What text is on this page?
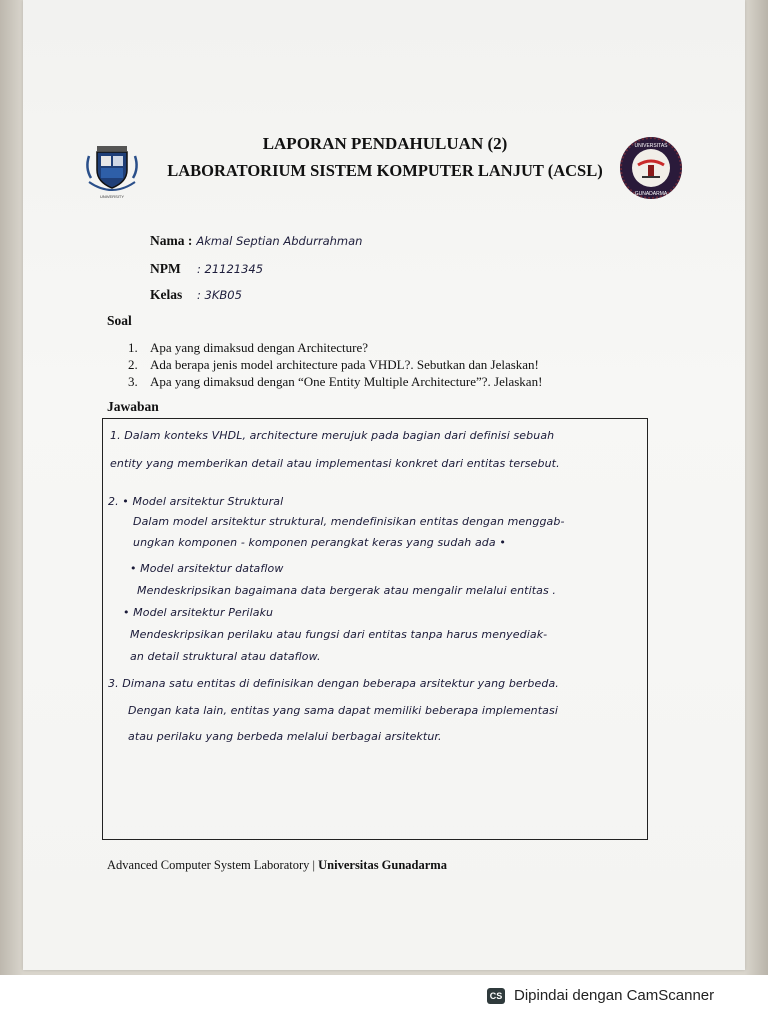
UNIVERSITY
UNIVERSITAS
GUNADARMA
LAPORAN PENDAHULUAN (2)
LABORATORIUM SISTEM KOMPUTER LANJUT (ACSL)
Nama : Akmal Septian Abdurrahman
NPM : 21121345
Kelas : 3KB05
Soal
1. Apa yang dimaksud dengan Architecture?
2. Ada berapa jenis model architecture pada VHDL?. Sebutkan dan Jelaskan!
3. Apa yang dimaksud dengan “One Entity Multiple Architecture”?. Jelaskan!
Jawaban
1. Dalam konteks VHDL, architecture merujuk pada bagian dari definisi sebuah
entity yang memberikan detail atau implementasi konkret dari entitas tersebut.
2. • Model arsitektur Struktural
Dalam model arsitektur struktural, mendefinisikan entitas dengan menggab-
ungkan komponen - komponen perangkat keras yang sudah ada •
• Model arsitektur dataflow
Mendeskripsikan bagaimana data bergerak atau mengalir melalui entitas .
• Model arsitektur Perilaku
Mendeskripsikan perilaku atau fungsi dari entitas tanpa harus menyediak-
an detail struktural atau dataflow.
3. Dimana satu entitas di definisikan dengan beberapa arsitektur yang berbeda.
Dengan kata lain, entitas yang sama dapat memiliki beberapa implementasi
atau perilaku yang berbeda melalui berbagai arsitektur.
Advanced Computer System Laboratory | Universitas Gunadarma
CS Dipindai dengan CamScanner
